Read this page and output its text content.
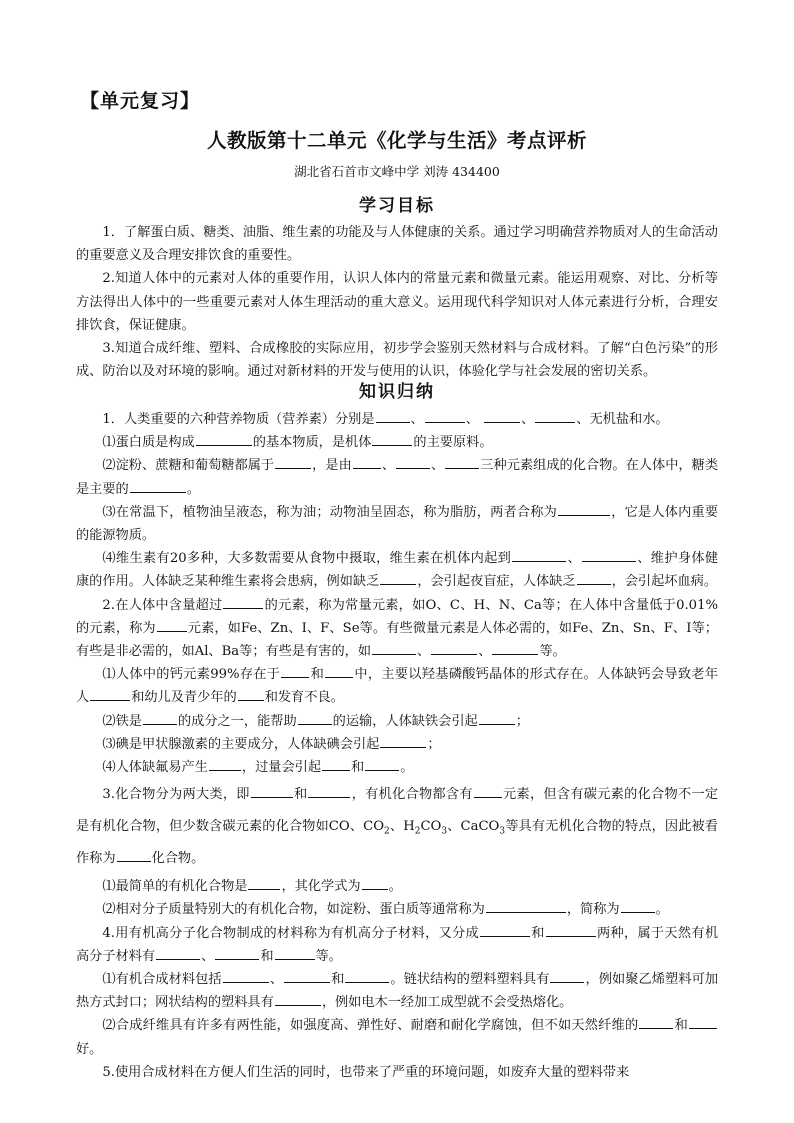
【单元复习】
人教版第十二单元《化学与生活》考点评析
湖北省石首市文峰中学 刘涛 434400
学习目标

1．了解蛋白质、糖类、油脂、维生素的功能及与人体健康的关系。通过学习明确营养物质对人的生命活动的重要意义及合理安排饮食的重要性。

2.知道人体中的元素对人体的重要作用，认识人体内的常量元素和微量元素。能运用观察、对比、分析等方法得出人体中的一些重要元素对人体生理活动的重大意义。运用现代科学知识对人体元素进行分析，合理安排饮食，保证健康。

3.知道合成纤维、塑料、合成橡胶的实际应用，初步学会鉴别天然材料与合成材料。了解“白色污染”的形成、防治以及对环境的影响。通过对新材料的开发与使用的认识，体验化学与社会发展的密切关系。

知识归纳

1．人类重要的六种营养物质（营养素）分别是	、	、	、	、无机盐和水。

⑴蛋白质是构成	的基本物质，是机体	的主要原料。

⑵淀粉、蔗糖和葡萄糖都属于	，是由 、	、	三种元素组成的化合物。在人体中，糖类是主要的	。

⑶在常温下，植物油呈液态，称为油；动物油呈固态，称为脂肪，两者合称为	，它是人体内重要的能源物质。

⑷维生素有20多种，大多数需要从食物中摄取，维生素在机体内起到	、	、维护身体健康的作用。人体缺乏某种维生素将会患病，例如缺乏	，会引起夜盲症，人体缺乏	，会引起坏血病。

2.在人体中含量超过	的元素，称为常量元素，如O、C、H、N、Ca等；在人体中含量低于0.01%的元素，称为 元素，如Fe、Zn、I、F、Se等。有些微量元素是人体必需的，如Fe、Zn、Sn、F、I等；有些是非必需的，如Al、Ba等；有些是有害的，如	、	、	等。

⑴人体中的钙元素99%存在于 和 中，主要以羟基磷酸钙晶体的形式存在。人体缺钙会导致老年人	和幼儿及青少年的 和发育不良。

⑵铁是	的成分之一，能帮助	的运输，人体缺铁会引起	；

⑶碘是甲状腺激素的主要成分，人体缺碘会引起	；

⑷人体缺氟易产生	，过量会引起 和	。

3.化合物分为两大类，即	和	，有机化合物都含有 元素，但含有碳元素的化合物不一定是有机化合物，但少数含碳元素的化合物如CO、$CO_2$、$H_2CO_3$、CaCO$_3$等具有无机化合物的特点，因此被看作称为	化合物。

⑴最简单的有机化合物是	，其化学式为 。

⑵相对分子质量特别大的有机化合物，如淀粉、蛋白质等通常称为	，简称为	。

4.用有机高分子化合物制成的材料称为有机高分子材料，又分成	和	两种，属于天然有机高分子材料有	、	和	等。

⑴有机合成材料包括	、	和	。链状结构的塑料塑料具有	，例如聚乙烯塑料可加热方式封口；网状结构的塑料具有	，例如电木一经加工成型就不会受热熔化。

⑵合成纤维具有许多有两性能，如强度高、弹性好、耐磨和耐化学腐蚀，但不如天然纤维的	和好。

5.使用合成材料在方便人们生活的同时，也带来了严重的环境问题，如废弃大量的塑料带来
